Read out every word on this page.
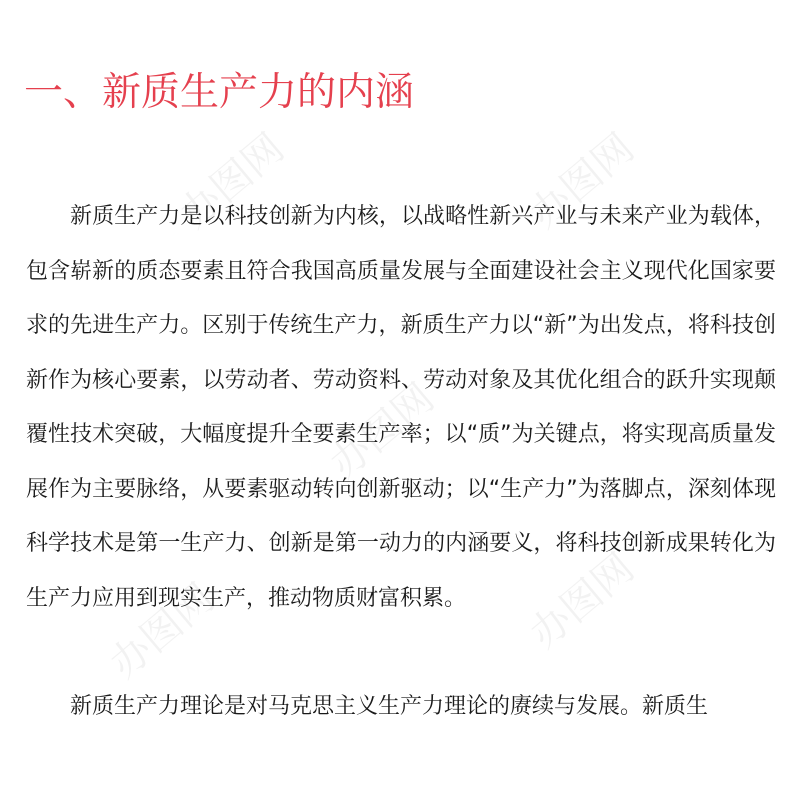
一、新质生产力的内涵

新质生产力是以科技创新为内核，以战略性新兴产业与未来产业为载体，包含崭新的质态要素且符合我国高质量发展与全面建设社会主义现代化国家要求的先进生产力。区别于传统生产力，新质生产力以“新”为出发点，将科技创新作为核心要素，以劳动者、劳动资料、劳动对象及其优化组合的跃升实现颠覆性技术突破，大幅度提升全要素生产率；以“质”为关键点，将实现高质量发展作为主要脉络，从要素驱动转向创新驱动；以“生产力”为落脚点，深刻体现科学技术是第一生产力、创新是第一动力的内涵要义，将科技创新成果转化为生产力应用到现实生产，推动物质财富积累。

新质生产力理论是对马克思主义生产力理论的赓续与发展。新质生

办图网	办图网
办图网
办图网
办图网
